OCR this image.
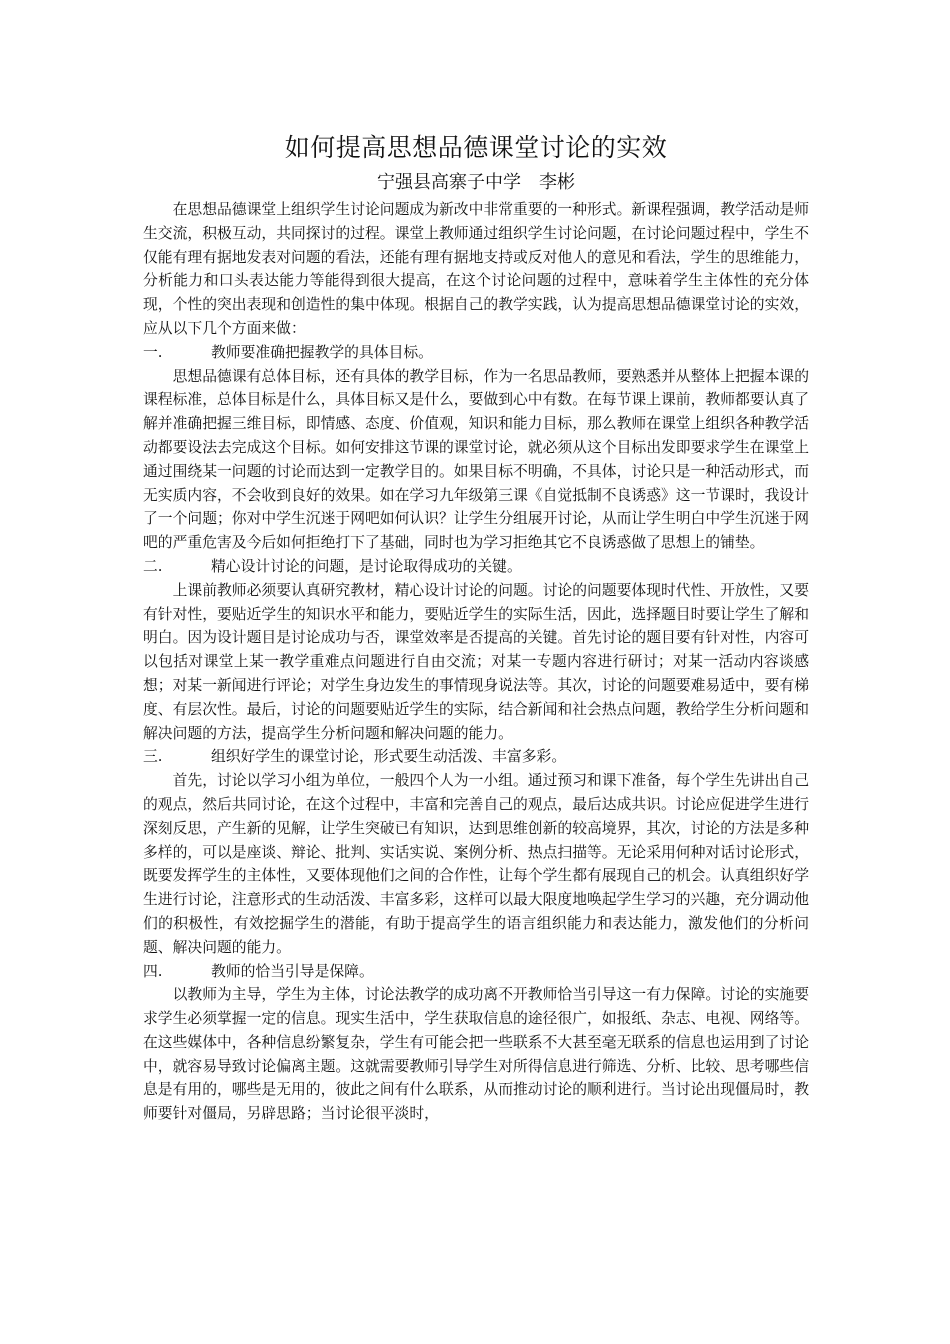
如何提高思想品德课堂讨论的实效
宁强县高寨子中学　李彬

在思想品德课堂上组织学生讨论问题成为新改中非常重要的一种形式。新课程强调，教学活动是师生交流，积极互动，共同探讨的过程。课堂上教师通过组织学生讨论问题，在讨论问题过程中，学生不仅能有理有据地发表对问题的看法，还能有理有据地支持或反对他人的意见和看法，学生的思维能力，分析能力和口头表达能力等能得到很大提高，在这个讨论问题的过程中，意味着学生主体性的充分体现，个性的突出表现和创造性的集中体现。根据自己的教学实践，认为提高思想品德课堂讨论的实效，应从以下几个方面来做：

一.	教师要准确把握教学的具体目标。

思想品德课有总体目标，还有具体的教学目标，作为一名思品教师，要熟悉并从整体上把握本课的课程标准，总体目标是什么，具体目标又是什么，要做到心中有数。在每节课上课前，教师都要认真了解并准确把握三维目标，即情感、态度、价值观，知识和能力目标，那么教师在课堂上组织各种教学活动都要设法去完成这个目标。如何安排这节课的课堂讨论，就必须从这个目标出发即要求学生在课堂上通过围绕某一问题的讨论而达到一定教学目的。如果目标不明确，不具体，讨论只是一种活动形式，而无实质内容，不会收到良好的效果。如在学习九年级第三课《自觉抵制不良诱惑》这一节课时，我设计了一个问题；你对中学生沉迷于网吧如何认识？让学生分组展开讨论，从而让学生明白中学生沉迷于网吧的严重危害及今后如何拒绝打下了基础，同时也为学习拒绝其它不良诱惑做了思想上的铺垫。

二.	精心设计讨论的问题，是讨论取得成功的关键。

上课前教师必须要认真研究教材，精心设计讨论的问题。讨论的问题要体现时代性、开放性，又要有针对性，要贴近学生的知识水平和能力，要贴近学生的实际生活，因此，选择题目时要让学生了解和明白。因为设计题目是讨论成功与否，课堂效率是否提高的关键。首先讨论的题目要有针对性，内容可以包括对课堂上某一教学重难点问题进行自由交流；对某一专题内容进行研讨；对某一活动内容谈感想；对某一新闻进行评论；对学生身边发生的事情现身说法等。其次，讨论的问题要难易适中，要有梯度、有层次性。最后，讨论的问题要贴近学生的实际，结合新闻和社会热点问题，教给学生分析问题和解决问题的方法，提高学生分析问题和解决问题的能力。

三.	组织好学生的课堂讨论，形式要生动活泼、丰富多彩。

首先，讨论以学习小组为单位，一般四个人为一小组。通过预习和课下准备，每个学生先讲出自己的观点，然后共同讨论，在这个过程中，丰富和完善自己的观点，最后达成共识。讨论应促进学生进行深刻反思，产生新的见解，让学生突破已有知识，达到思维创新的较高境界，其次，讨论的方法是多种多样的，可以是座谈、辩论、批判、实话实说、案例分析、热点扫描等。无论采用何种对话讨论形式，既要发挥学生的主体性，又要体现他们之间的合作性，让每个学生都有展现自己的机会。认真组织好学生进行讨论，注意形式的生动活泼、丰富多彩，这样可以最大限度地唤起学生学习的兴趣，充分调动他们的积极性，有效挖掘学生的潜能，有助于提高学生的语言组织能力和表达能力，激发他们的分析问题、解决问题的能力。

四.	教师的恰当引导是保障。

以教师为主导，学生为主体，讨论法教学的成功离不开教师恰当引导这一有力保障。讨论的实施要求学生必须掌握一定的信息。现实生活中，学生获取信息的途径很广，如报纸、杂志、电视、网络等。在这些媒体中，各种信息纷繁复杂，学生有可能会把一些联系不大甚至毫无联系的信息也运用到了讨论中，就容易导致讨论偏离主题。这就需要教师引导学生对所得信息进行筛选、分析、比较、思考哪些信息是有用的，哪些是无用的，彼此之间有什么联系，从而推动讨论的顺利进行。当讨论出现僵局时，教师要针对僵局，另辟思路；当讨论很平淡时，
